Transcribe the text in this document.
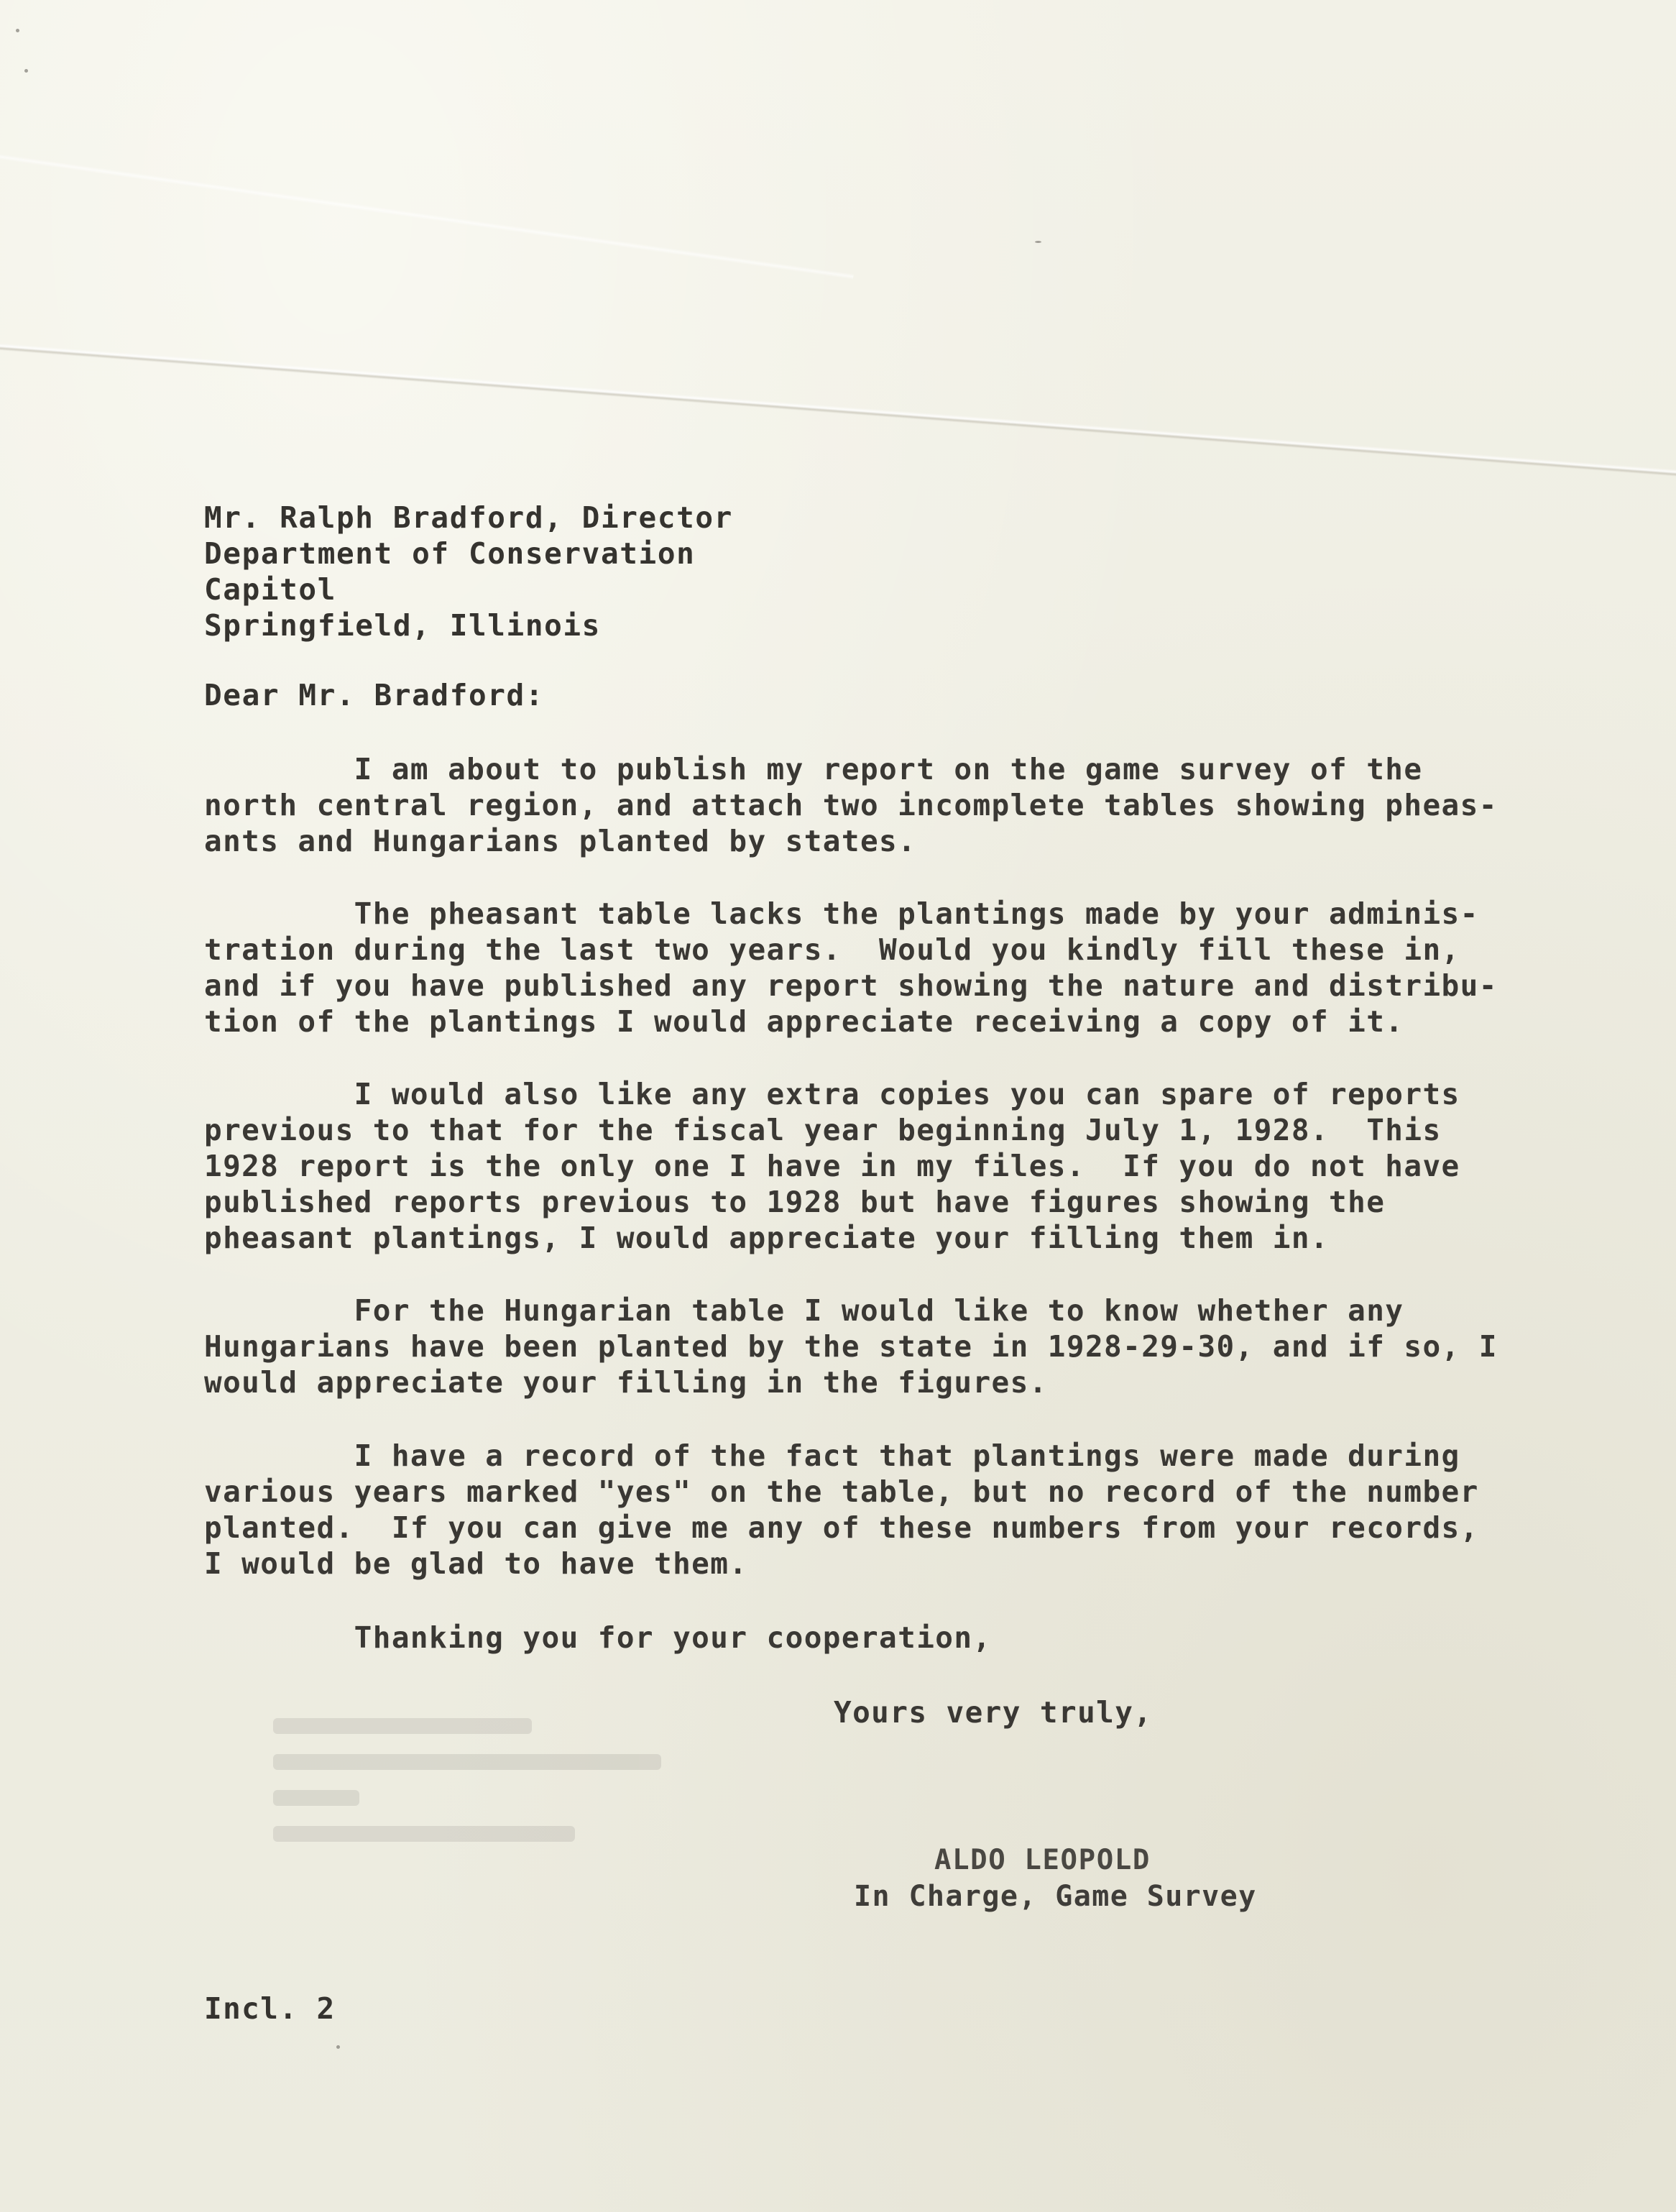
Mr. Ralph Bradford, Director
Department of Conservation
Capitol
Springfield, Illinois
Dear Mr. Bradford:
I am about to publish my report on the game survey of the
north central region, and attach two incomplete tables showing pheas-
ants and Hungarians planted by states.
The pheasant table lacks the plantings made by your adminis-
tration during the last two years.  Would you kindly fill these in,
and if you have published any report showing the nature and distribu-
tion of the plantings I would appreciate receiving a copy of it.
I would also like any extra copies you can spare of reports
previous to that for the fiscal year beginning July 1, 1928.  This
1928 report is the only one I have in my files.  If you do not have
published reports previous to 1928 but have figures showing the
pheasant plantings, I would appreciate your filling them in.
For the Hungarian table I would like to know whether any
Hungarians have been planted by the state in 1928-29-30, and if so, I
would appreciate your filling in the figures.
I have a record of the fact that plantings were made during
various years marked "yes" on the table, but no record of the number
planted.  If you can give me any of these numbers from your records,
I would be glad to have them.
Thanking you for your cooperation,
Yours very truly,
ALDO LEOPOLD
In Charge, Game Survey
Incl. 2
